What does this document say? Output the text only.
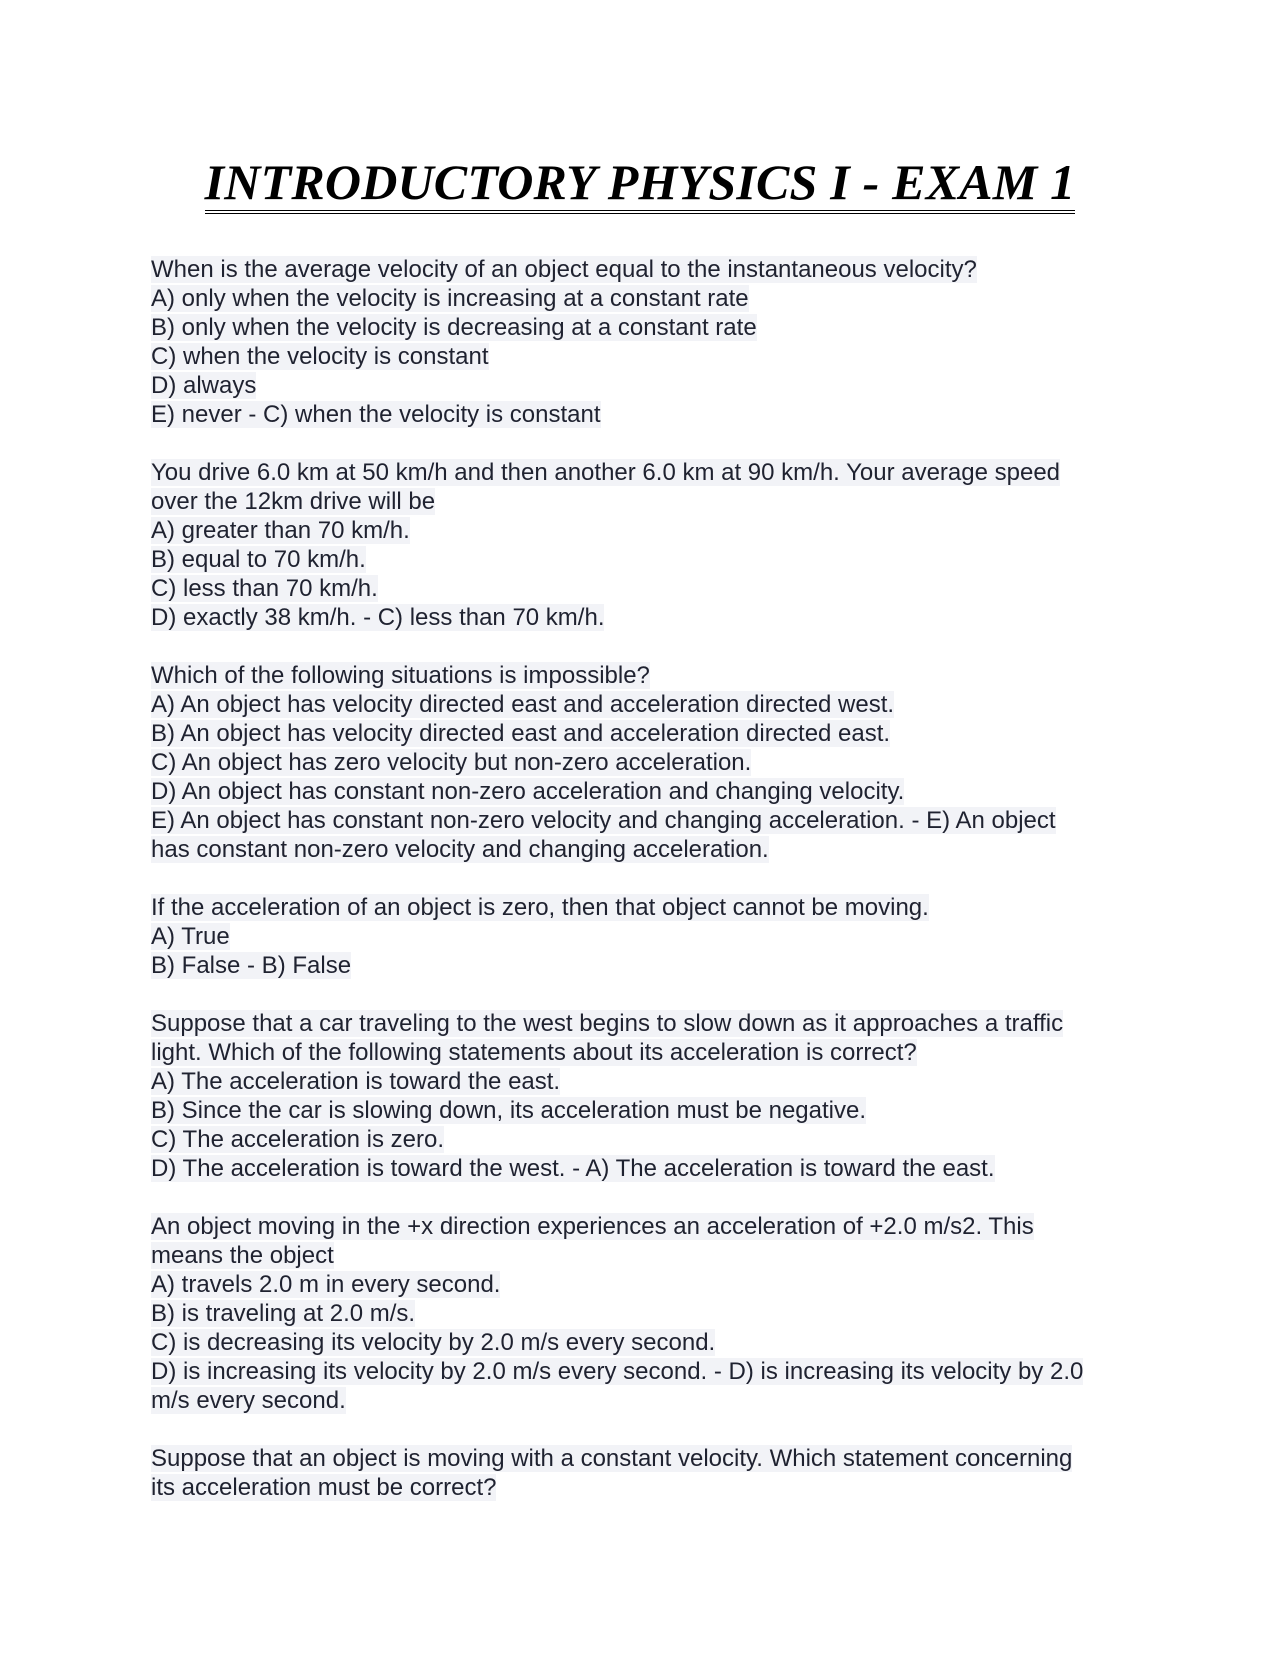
INTRODUCTORY PHYSICS I - EXAM 1
When is the average velocity of an object equal to the instantaneous velocity?
A) only when the velocity is increasing at a constant rate
B) only when the velocity is decreasing at a constant rate
C) when the velocity is constant
D) always
E) never - C) when the velocity is constant
You drive 6.0 km at 50 km/h and then another 6.0 km at 90 km/h. Your average speed
over the 12km drive will be
A) greater than 70 km/h.
B) equal to 70 km/h.
C) less than 70 km/h.
D) exactly 38 km/h. - C) less than 70 km/h.
Which of the following situations is impossible?
A) An object has velocity directed east and acceleration directed west.
B) An object has velocity directed east and acceleration directed east.
C) An object has zero velocity but non-zero acceleration.
D) An object has constant non-zero acceleration and changing velocity.
E) An object has constant non-zero velocity and changing acceleration. - E) An object
has constant non-zero velocity and changing acceleration.
If the acceleration of an object is zero, then that object cannot be moving.
A) True
B) False - B) False
Suppose that a car traveling to the west begins to slow down as it approaches a traffic
light. Which of the following statements about its acceleration is correct?
A) The acceleration is toward the east.
B) Since the car is slowing down, its acceleration must be negative.
C) The acceleration is zero.
D) The acceleration is toward the west. - A) The acceleration is toward the east.
An object moving in the +x direction experiences an acceleration of +2.0 m/s2. This
means the object
A) travels 2.0 m in every second.
B) is traveling at 2.0 m/s.
C) is decreasing its velocity by 2.0 m/s every second.
D) is increasing its velocity by 2.0 m/s every second. - D) is increasing its velocity by 2.0
m/s every second.
Suppose that an object is moving with a constant velocity. Which statement concerning
its acceleration must be correct?
